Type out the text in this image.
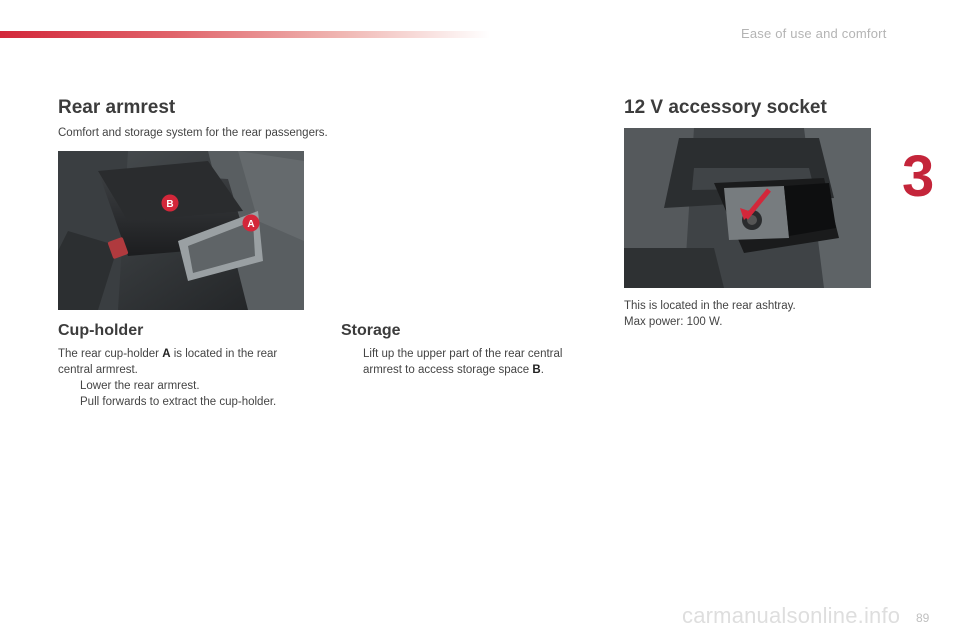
Ease of use and comfort
3
Rear armrest
Comfort and storage system for the rear passengers.
B
A
Cup-holder
The rear cup-holder A is located in the rear
central armrest.
Lower the rear armrest.
Pull forwards to extract the cup-holder.
Storage
Lift up the upper part of the rear central
armrest to access storage space B.
12 V accessory socket
This is located in the rear ashtray.
Max power: 100 W.
carmanualsonline.info 89
